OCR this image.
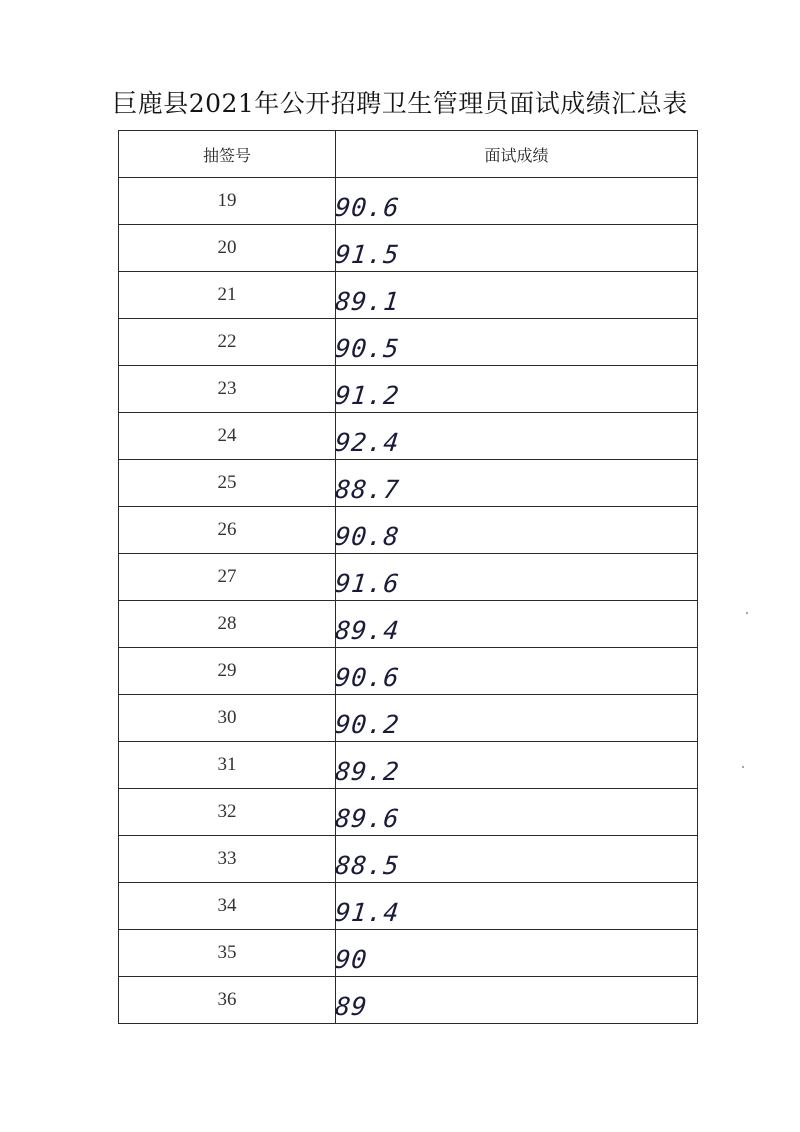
巨鹿县2021年公开招聘卫生管理员面试成绩汇总表
抽签号	面试成绩
19	90.6
20	91.5
21	89.1
22	90.5
23	91.2
24	92.4
25	88.7
26	90.8
27	91.6
28	89.4
29	90.6
30	90.2
31	89.2
32	89.6
33	88.5
34	91.4
35	90
36	89
